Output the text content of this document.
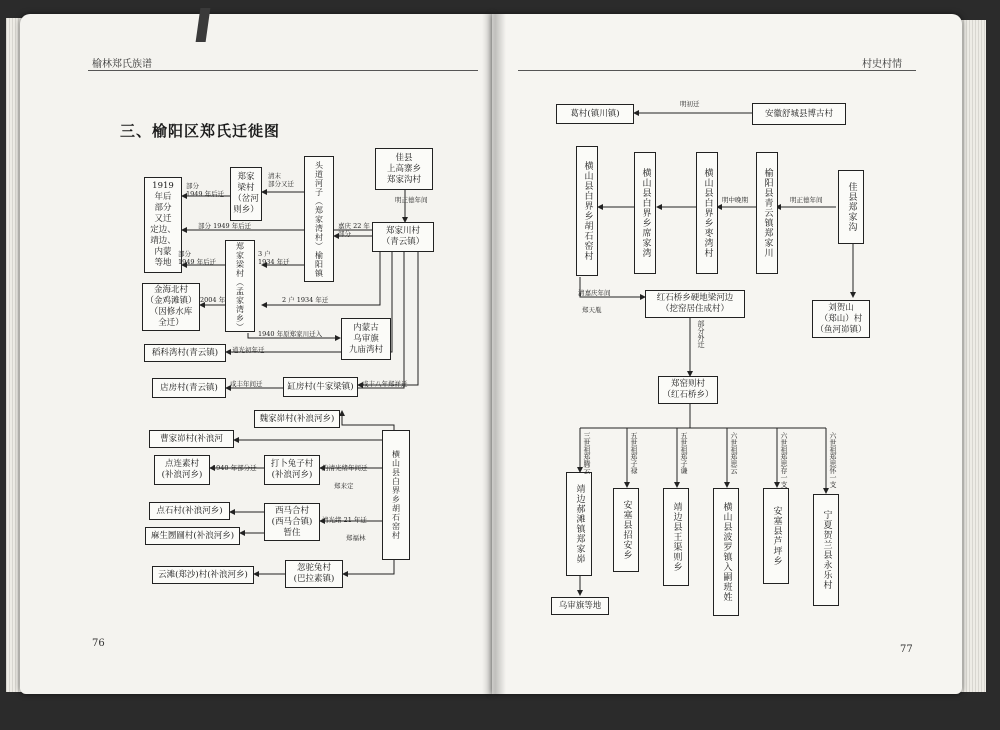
榆林郑氏族谱
三、榆阳区郑氏迁徙图
76
村史村情
77
佳县
上高寨乡
郑家沟村
郑家川村
（青云镇）
头道河子（郑家湾村）榆阳镇
郑家
梁村
（岔河
则乡）
1919
年后
部分
又迁
定边、
靖边、
内蒙
等地	郑家梁村（孟家湾乡）
金海北村
（金鸡滩镇）
（因修水库
全迁）	内蒙古
乌审旗
九庙湾村
稻科湾村(青云镇)
店房村(青云镇)	缸房村(牛家梁镇)
魏家峁村(补浪河乡)
曹家峁村(补浪河
横山县白界乡胡石窑村
点连素村
(补浪河乡)
打卜兔子村
(补浪河乡)
点石村(补浪河乡)	西马合村
(西马合镇)
暂住
麻生圐圙村(补浪河乡)
忽驼兔村
(巴拉素镇)
云滩(郑沙)村(补浪河乡)
清末
部分又迁
部分
1949 年后迁
明正德年间
嘉庆 22 年
部分
部分 1949 年后迁
部分
1949 年后迁
3 户
1934 年迁
2 户 1934 年迁
2004 年
1940 年原郑家川迁入
道光初年迁
咸丰年间迁	咸丰八年郑祥迁
1940 年部分迁	约清光绪年间迁
郑来定
清光绪 21 年迁
郑福林
葛村(镇川镇)	安徽舒城县博古村
横山县白界乡胡石窑村	横山县白界乡席家湾	横山县白界乡枣湾村	榆阳县青云镇郑家川	佳县郑家沟
红石桥乡硬地梁河边
（挖窑居住成村）	刘贺山
（郑山）村
（鱼河峁镇）
郑窑则村
（红石桥乡）
靖边郝滩镇郑家峁
乌审旗等地
安塞县招安乡	靖边县王渠则乡	横山县波罗镇入嗣班姓	安塞县芦坪乡	宁夏贺兰县永乐村
明初迁
明中晚期	明正德年间
清嘉庆年间
郑天胤
部分外迁
三世祖郑腾云	五世祖郑子禄	五世祖郑子谦	六世祖郑思云	六世祖郑思存一支	六世祖郑思怀一支
